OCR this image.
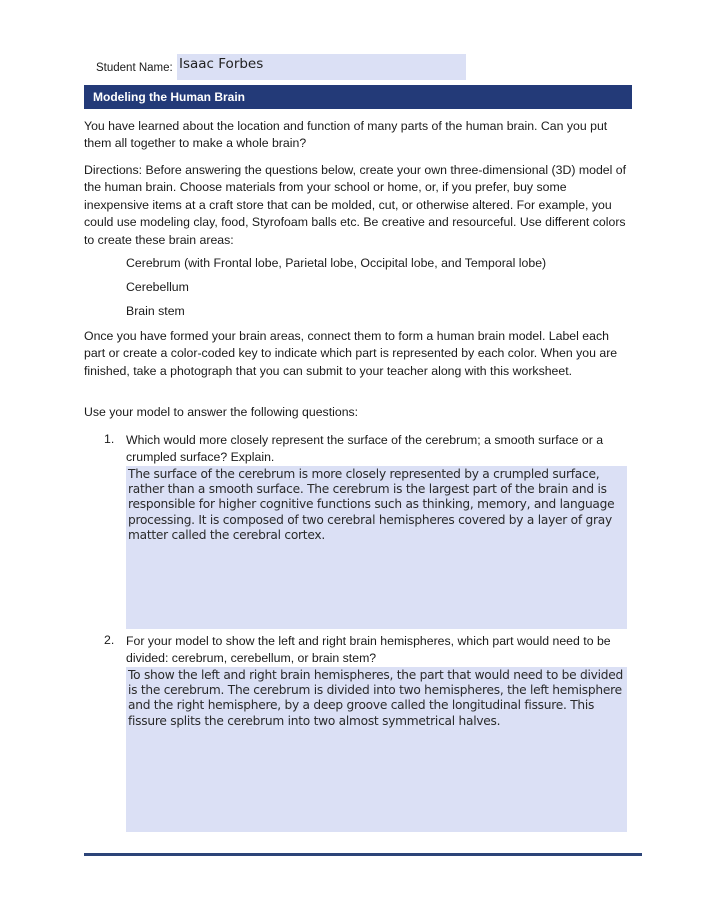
Student Name: Isaac Forbes
Modeling the Human Brain
You have learned about the location and function of many parts of the human brain. Can you put them all together to make a whole brain?
Directions: Before answering the questions below, create your own three-dimensional (3D) model of the human brain. Choose materials from your school or home, or, if you prefer, buy some inexpensive items at a craft store that can be molded, cut, or otherwise altered. For example, you could use modeling clay, food, Styrofoam balls etc. Be creative and resourceful. Use different colors to create these brain areas:
Cerebrum (with Frontal lobe, Parietal lobe, Occipital lobe, and Temporal lobe)
Cerebellum
Brain stem
Once you have formed your brain areas, connect them to form a human brain model. Label each part or create a color-coded key to indicate which part is represented by each color. When you are finished, take a photograph that you can submit to your teacher along with this worksheet.
Use your model to answer the following questions:
1. Which would more closely represent the surface of the cerebrum; a smooth surface or a crumpled surface? Explain.
The surface of the cerebrum is more closely represented by a crumpled surface, rather than a smooth surface. The cerebrum is the largest part of the brain and is responsible for higher cognitive functions such as thinking, memory, and language processing. It is composed of two cerebral hemispheres covered by a layer of gray matter called the cerebral cortex.
2. For your model to show the left and right brain hemispheres, which part would need to be divided: cerebrum, cerebellum, or brain stem?
To show the left and right brain hemispheres, the part that would need to be divided is the cerebrum. The cerebrum is divided into two hemispheres, the left hemisphere and the right hemisphere, by a deep groove called the longitudinal fissure. This fissure splits the cerebrum into two almost symmetrical halves.
